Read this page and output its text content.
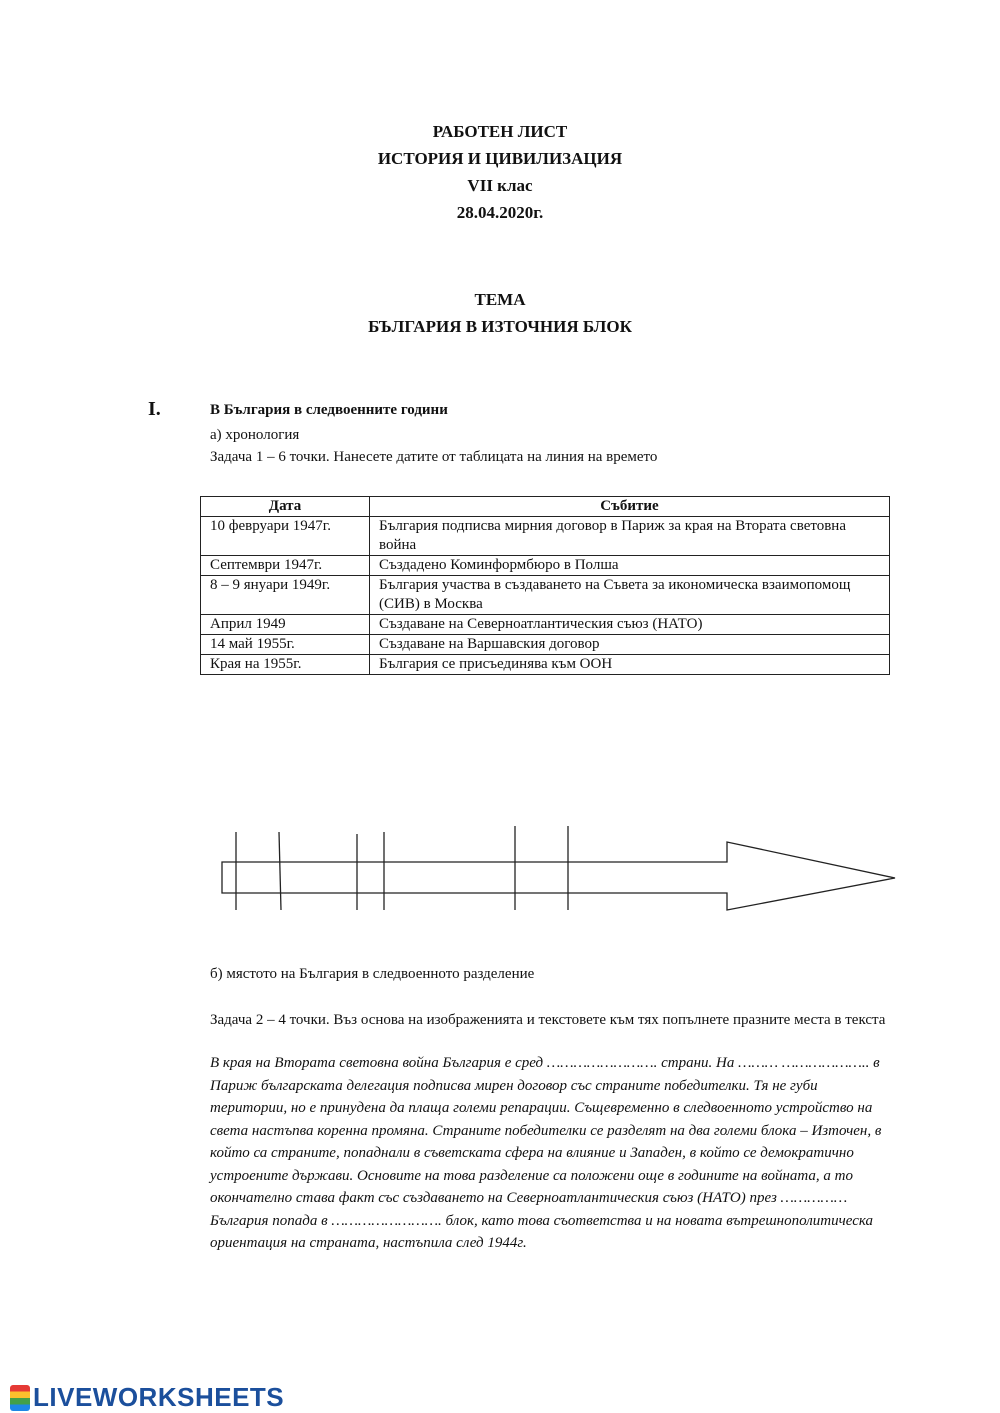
РАБОТЕН ЛИСТ
ИСТОРИЯ И ЦИВИЛИЗАЦИЯ
VII клас
28.04.2020г.
ТЕМА
БЪЛГАРИЯ В ИЗТОЧНИЯ БЛОК
I.	В България в следвоенните години
а) хронология
Задача 1 – 6 точки. Нанесете датите от таблицата на линия на времето
Дата	Събитие
10 февруари 1947г.	България подписва мирния договор в Париж за края на Втората световна война
Септември 1947г.	Създадено Коминформбюро в Полша
8 – 9 януари 1949г.	България участва в създаването на Съвета за икономическа взаимопомощ (СИВ) в Москва
Април 1949	Създаване на Северноатлантическия съюз (НАТО)
14 май 1955г.	Създаване на Варшавския договор
Края на 1955г.	България се присъединява към ООН
б) мястото на България в следвоенното разделение
Задача 2 – 4 точки. Въз основа на изображенията и текстовете към тях попълнете празните места в текста
В края на Втората световна война България е сред ……………………. страни. На ……… ……………….. в Париж българската делегация подписва мирен договор със страните победителки. Тя не губи територии, но е принудена да плаща големи репарации. Същевременно в следвоенното устройство на света настъпва коренна промяна. Страните победителки се разделят на два големи блока – Източен, в който са страните, попаднали в съветската сфера на влияние и Западен, в който се демократично устроените държави. Основите на това разделение са положени още в годините на войната, а то окончателно става факт със създаването на Северноатлантическия съюз (НАТО) през …………… България попада в ……………………. блок, като това съответства и на новата вътрешнополитическа ориентация на страната, настъпила след 1944г.
LIVEWORKSHEETS
